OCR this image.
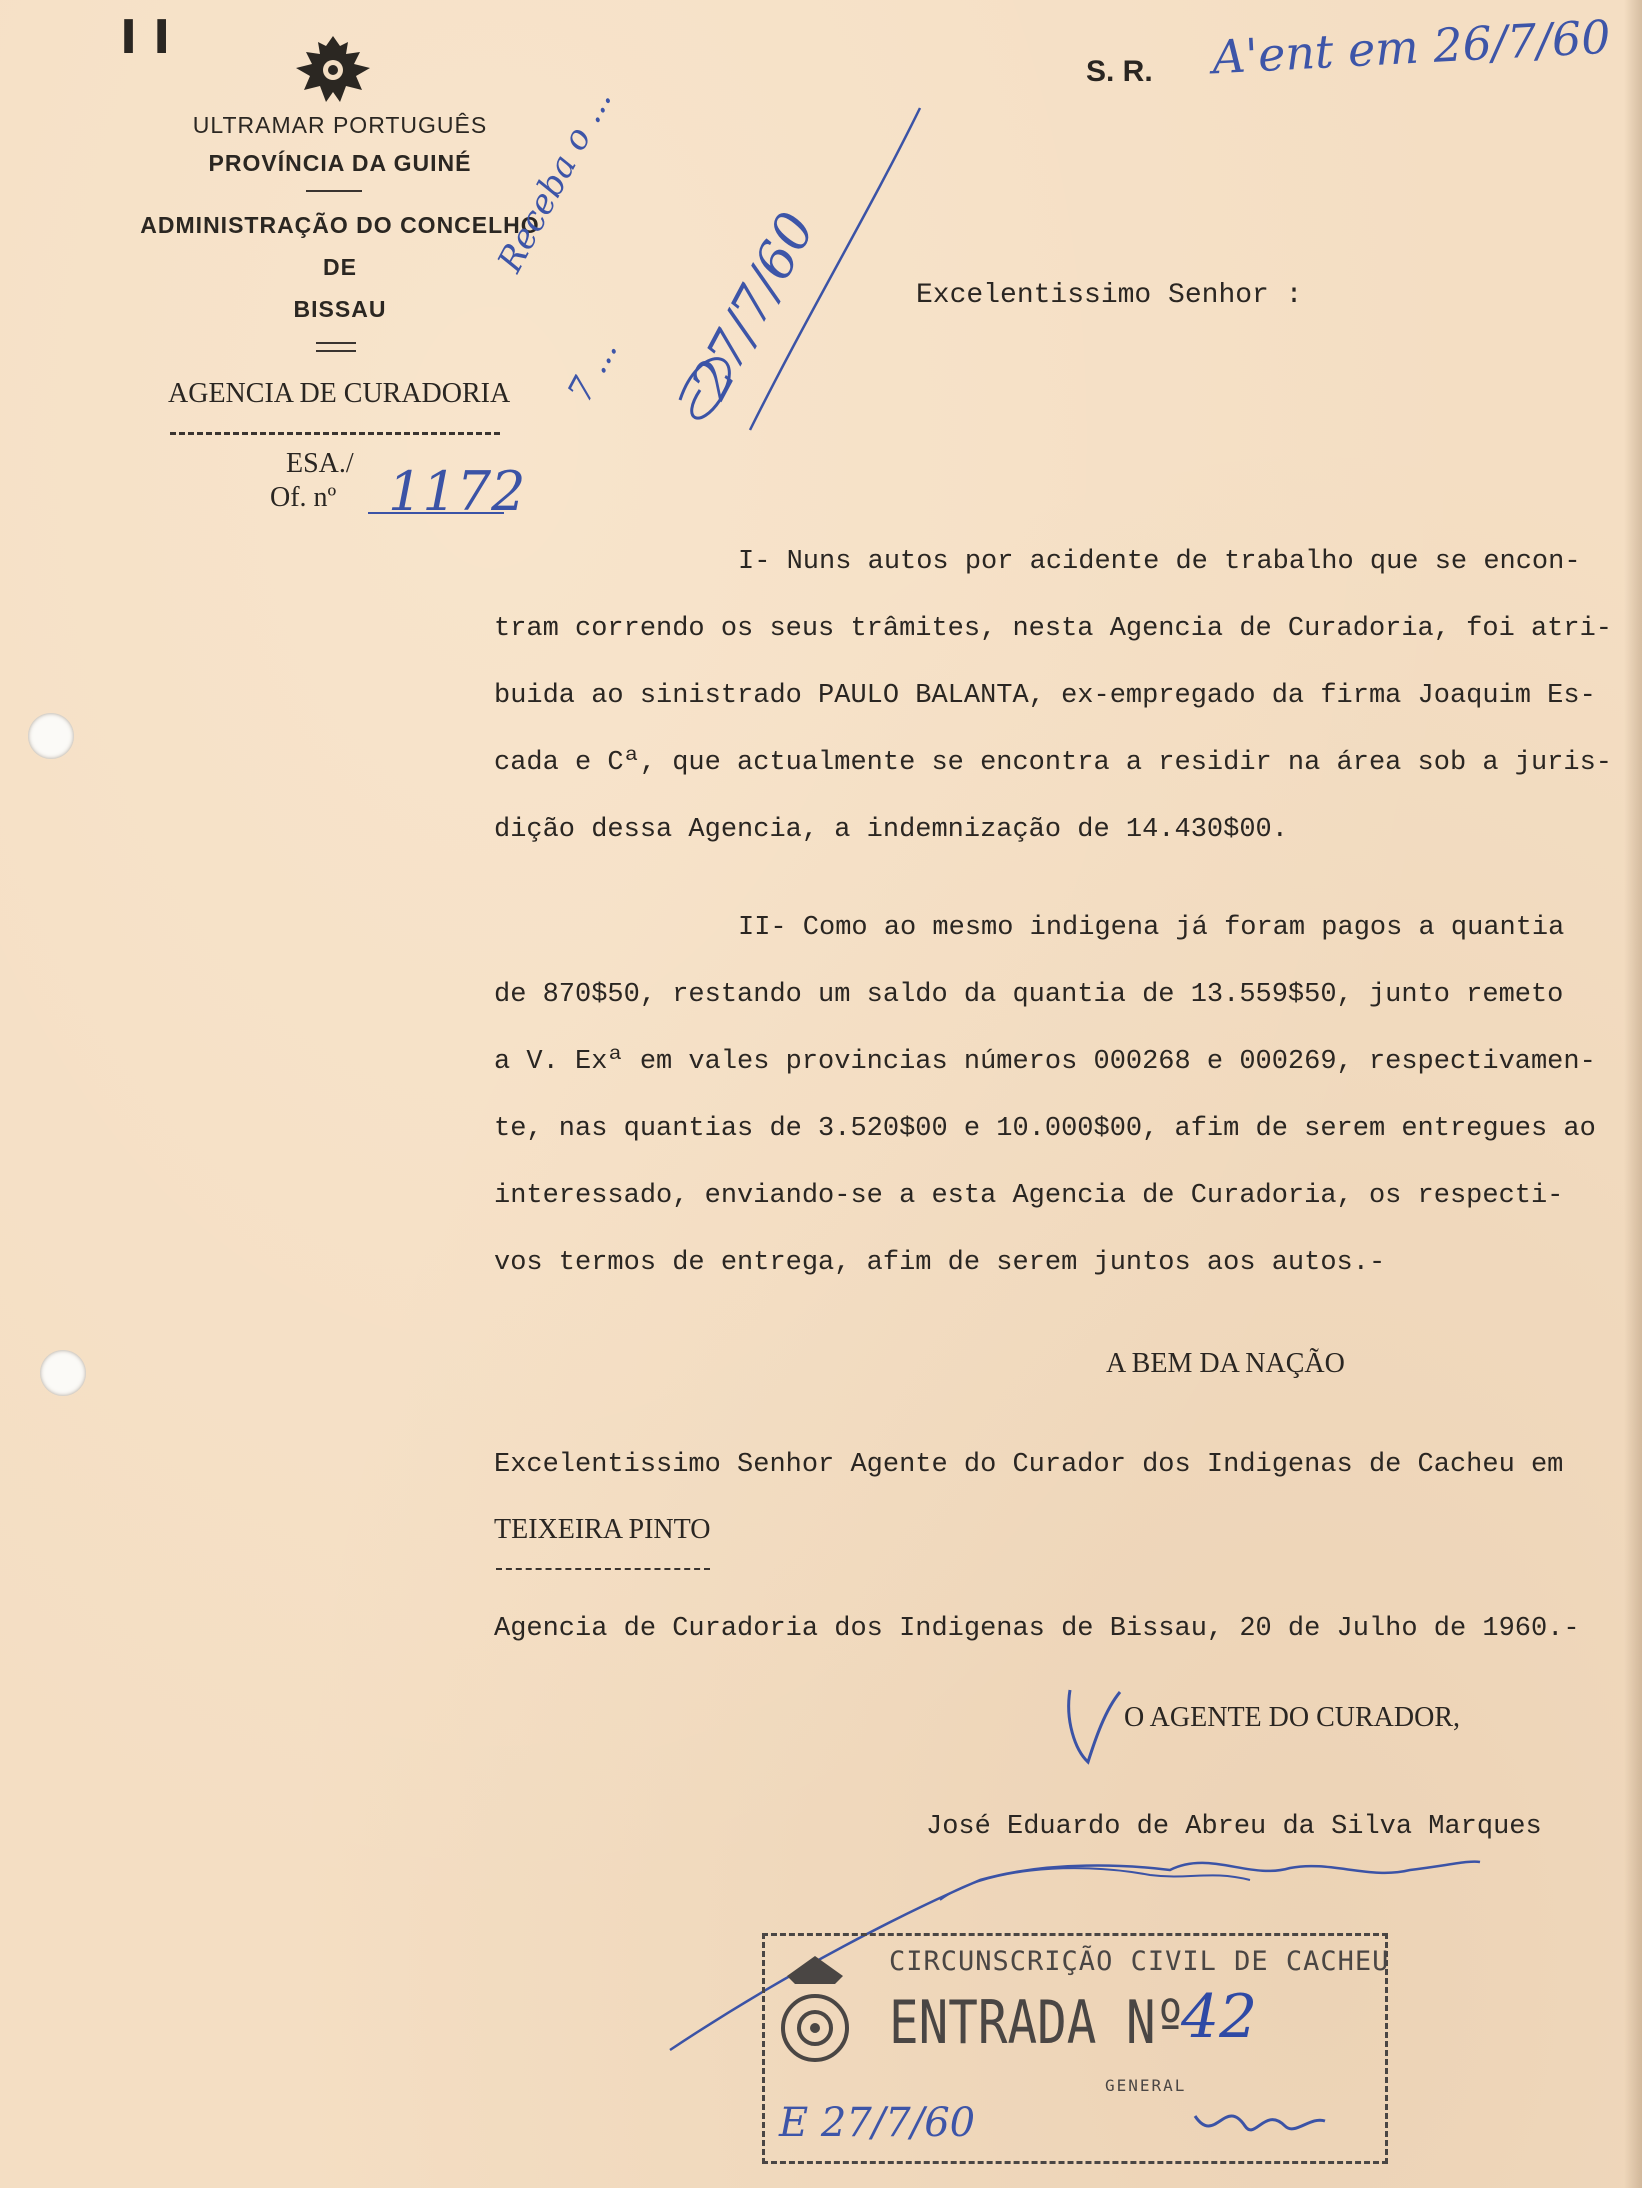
I I
ULTRAMAR PORTUGUÊS
PROVÍNCIA DA GUINÉ
ADMINISTRAÇÃO DO CONCELHO
DE
BISSAU
AGENCIA DE CURADORIA
ESA./
Of. nº 1172
S. R. A'ent em 26/7/60
Receba o ...
7 ... 27/7/60	Excelentissimo Senhor :
I- Nuns autos por acidente de trabalho que se encon-
tram correndo os seus trâmites, nesta Agencia de Curadoria, foi atri-
buida ao sinistrado PAULO BALANTA, ex-empregado da firma Joaquim Es-
cada e Cª, que actualmente se encontra a residir na área sob a juris-
dição dessa Agencia, a indemnização de 14.430$00.
II- Como ao mesmo indigena já foram pagos a quantia
de 870$50, restando um saldo da quantia de 13.559$50, junto remeto
a V. Exª em vales provincias números 000268 e 000269, respectivamen-
te, nas quantias de 3.520$00 e 10.000$00, afim de serem entregues ao
interessado, enviando-se a esta Agencia de Curadoria, os respecti-
vos termos de entrega, afim de serem juntos aos autos.-
A BEM DA NAÇÃO
Excelentissimo Senhor Agente do Curador dos Indigenas de Cacheu em
TEIXEIRA PINTO
Agencia de Curadoria dos Indigenas de Bissau, 20 de Julho de 1960.-
O AGENTE DO CURADOR,
José Eduardo de Abreu da Silva Marques
CIRCUNSCRIÇÃO CIVIL DE CACHEU
ENTRADA Nº
42
GENERAL
E 27/7/60
